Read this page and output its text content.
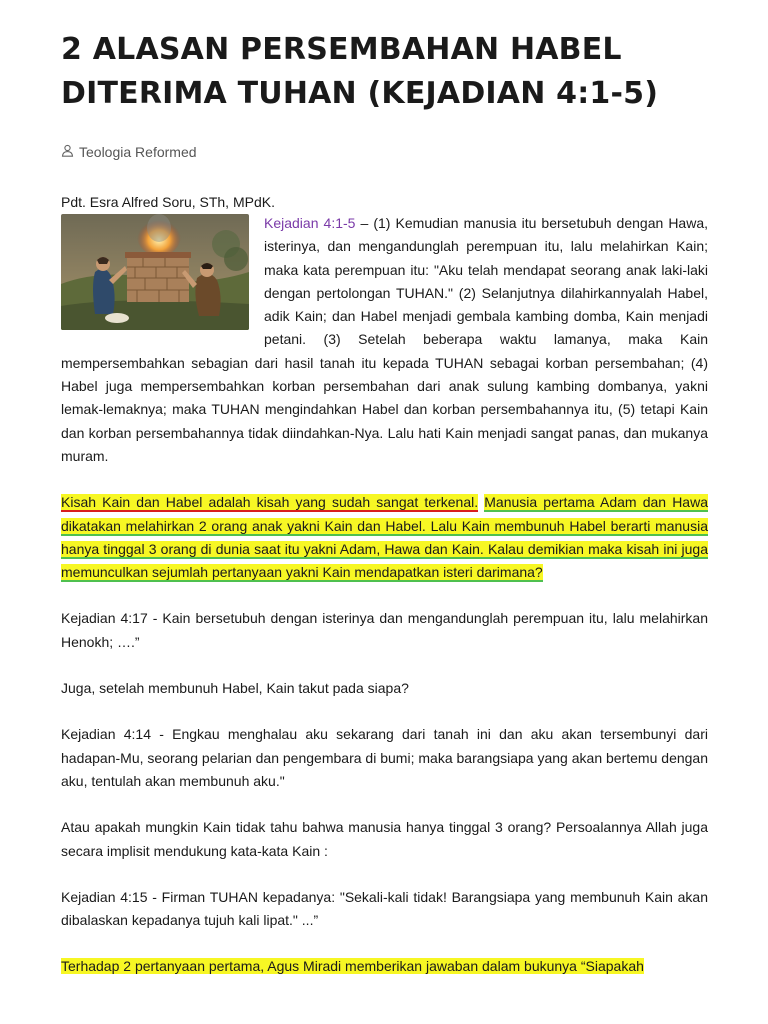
2 ALASAN PERSEMBAHAN HABEL DITERIMA TUHAN (KEJADIAN 4:1-5)
Teologia Reformed
Pdt. Esra Alfred Soru, STh, MPdK.

Kejadian 4:1-5 – (1) Kemudian manusia itu bersetubuh dengan Hawa, isterinya, dan mengandunglah perempuan itu, lalu melahirkan Kain; maka kata perempuan itu: "Aku telah mendapat seorang anak laki-laki dengan pertolongan TUHAN." (2) Selanjutnya dilahirkannyalah Habel, adik Kain; dan Habel menjadi gembala kambing domba, Kain menjadi petani. (3) Setelah beberapa waktu lamanya, maka Kain mempersembahkan sebagian dari hasil tanah itu kepada TUHAN sebagai korban persembahan; (4) Habel juga mempersembahkan korban persembahan dari anak sulung kambing dombanya, yakni lemak-lemaknya; maka TUHAN mengindahkan Habel dan korban persembahannya itu, (5) tetapi Kain dan korban persembahannya tidak diindahkan-Nya. Lalu hati Kain menjadi sangat panas, dan mukanya muram.

Kisah Kain dan Habel adalah kisah yang sudah sangat terkenal. Manusia pertama Adam dan Hawa dikatakan melahirkan 2 orang anak yakni Kain dan Habel. Lalu Kain membunuh Habel berarti manusia hanya tinggal 3 orang di dunia saat itu yakni Adam, Hawa dan Kain. Kalau demikian maka kisah ini juga memunculkan sejumlah pertanyaan yakni Kain mendapatkan isteri darimana?

Kejadian 4:17 - Kain bersetubuh dengan isterinya dan mengandunglah perempuan itu, lalu melahirkan Henokh; ….”

Juga, setelah membunuh Habel, Kain takut pada siapa?

Kejadian 4:14 - Engkau menghalau aku sekarang dari tanah ini dan aku akan tersembunyi dari hadapan-Mu, seorang pelarian dan pengembara di bumi; maka barangsiapa yang akan bertemu dengan aku, tentulah akan membunuh aku."

Atau apakah mungkin Kain tidak tahu bahwa manusia hanya tinggal 3 orang? Persoalannya Allah juga secara implisit mendukung kata-kata Kain :

Kejadian 4:15 - Firman TUHAN kepadanya: "Sekali-kali tidak! Barangsiapa yang membunuh Kain akan dibalaskan kepadanya tujuh kali lipat." ...”

Terhadap 2 pertanyaan pertama, Agus Miradi memberikan jawaban dalam bukunya “Siapakah
